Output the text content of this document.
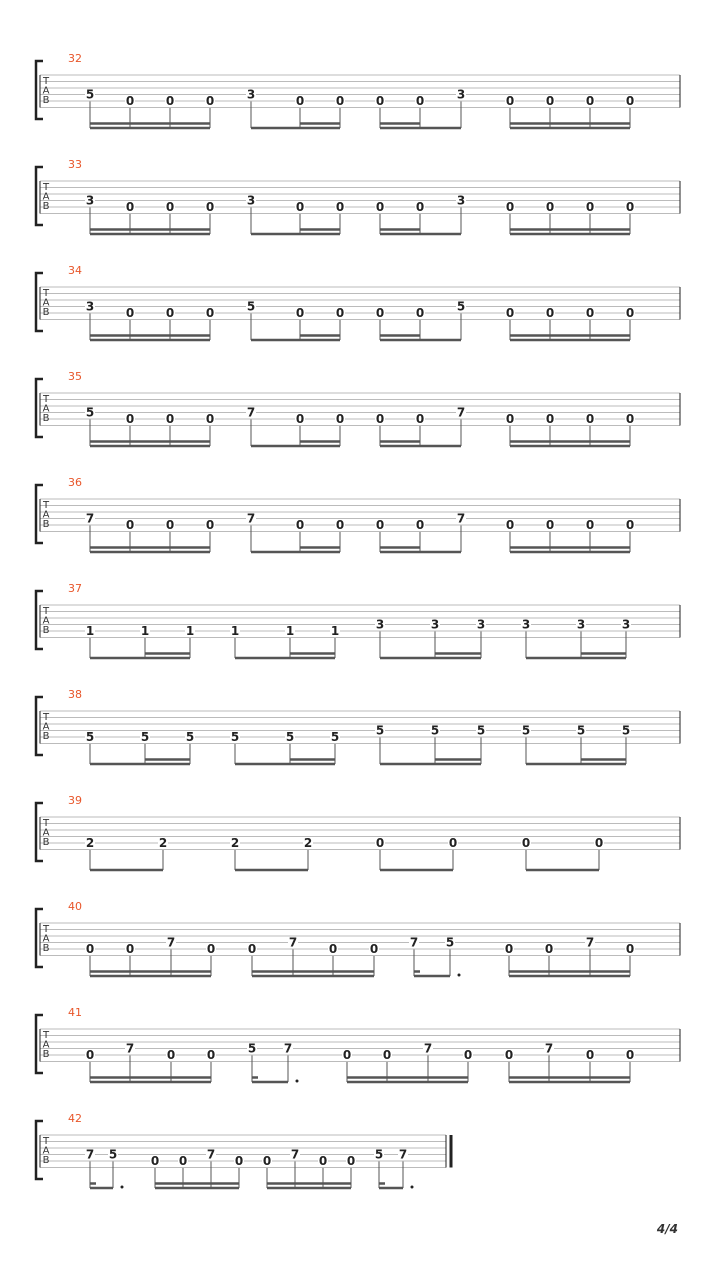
32
T
A
B	5	0	0	0	3	0	0	0	0	3	0	0	0	0
33
T
A
B	3	0	0	0	3	0	0	0	0	3	0	0	0	0
34
T
A
B	3	0	0	0	5	0	0	0	0	5	0	0	0	0
35
T
A
B	5	0	0	0	7	0	0	0	0	7	0	0	0	0
36
T
A
B	7	0	0	0	7	0	0	0	0	7	0	0	0	0
37
T
A
B	1	1	1	1	1	1	3	3	3	3	3	3
38
T
A
B	5	5	5	5	5	5	5	5	5	5	5	5
39
T
A
B	2	2	2	2	0	0	0	0
40
T
A
B	0	0	7	0	0	7	0	0	7 5	0	0	7	0
41
T
A
B	0	7	0	0	5 7	0	0	7	0	0	7	0	0
42
T
A
B	7 5	0 0 7 0 0 7 0 0 5 7
4/4
